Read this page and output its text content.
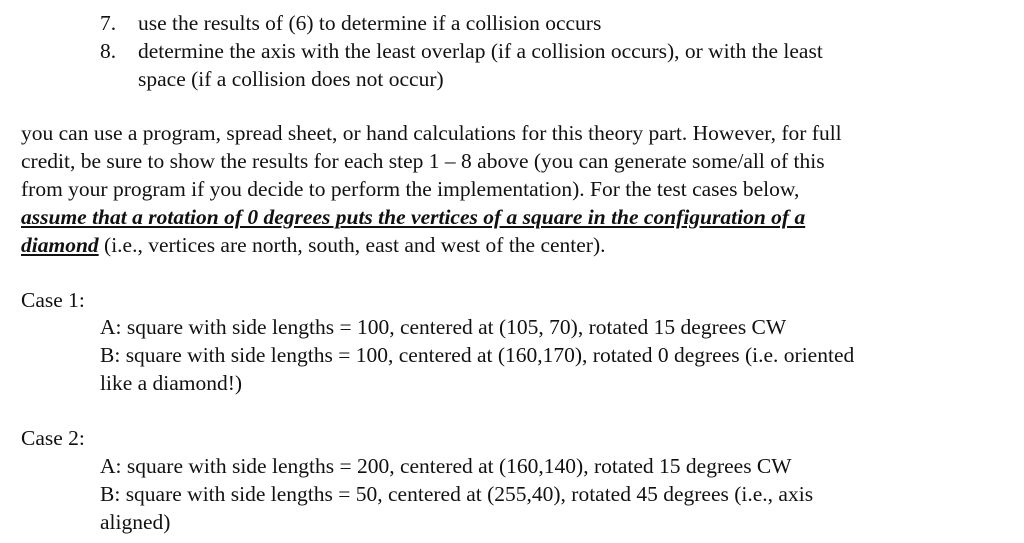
7. use the results of (6) to determine if a collision occurs
8. determine the axis with the least overlap (if a collision occurs), or with the least
space (if a collision does not occur)
you can use a program, spread sheet, or hand calculations for this theory part. However, for full
credit, be sure to show the results for each step 1 – 8 above (you can generate some/all of this
from your program if you decide to perform the implementation). For the test cases below,
assume that a rotation of 0 degrees puts the vertices of a square in the configuration of a
diamond (i.e., vertices are north, south, east and west of the center).
Case 1:
A: square with side lengths = 100, centered at (105, 70), rotated 15 degrees CW
B: square with side lengths = 100, centered at (160,170), rotated 0 degrees (i.e. oriented
like a diamond!)
Case 2:
A: square with side lengths = 200, centered at (160,140), rotated 15 degrees CW
B: square with side lengths = 50, centered at (255,40), rotated 45 degrees (i.e., axis
aligned)
